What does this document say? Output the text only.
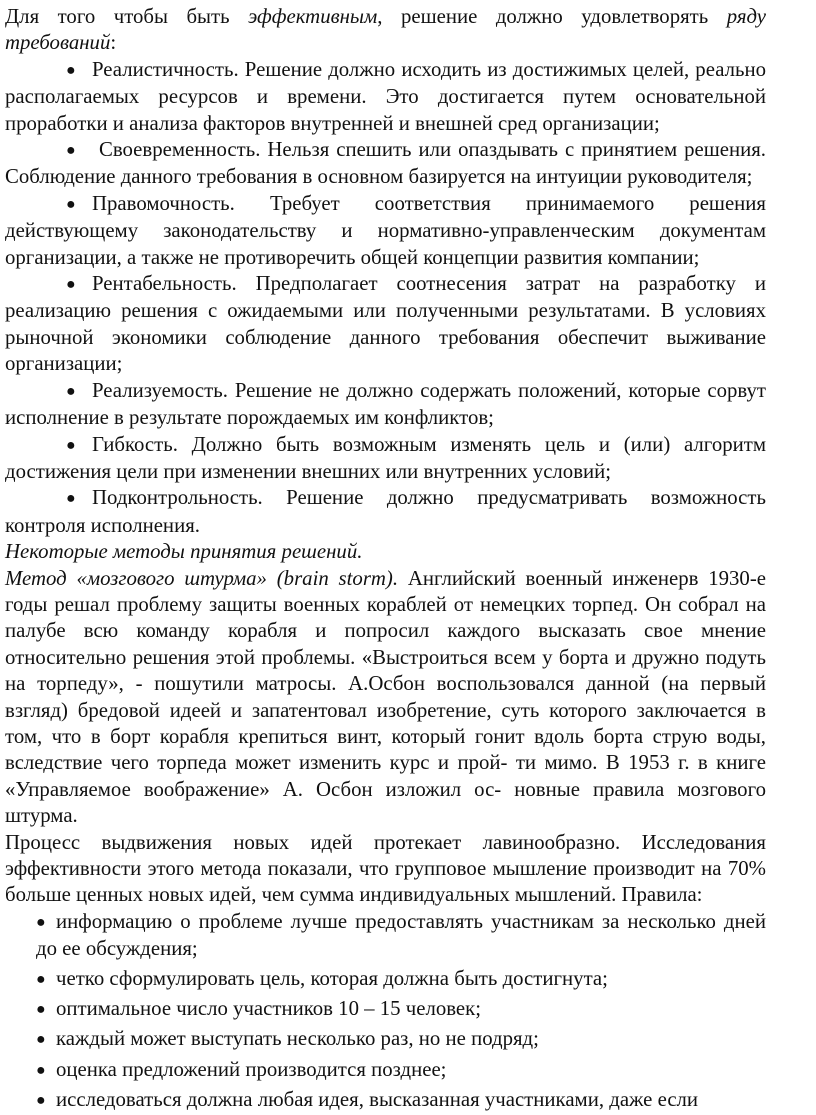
Для того чтобы быть эффективным, решение должно удовлетворять ряду требований:

● Реалистичность. Решение должно исходить из достижимых целей, реально располагаемых ресурсов и времени. Это достигается путем основательной проработки и анализа факторов внутренней и внешней сред организации;
● Своевременность. Нельзя спешить или опаздывать с принятием решения. Соблюдение данного требования в основном базируется на интуиции руководителя;
● Правомочность. Требует соответствия принимаемого решения действующему законодательству и нормативно-управленческим документам организации, а также не противоречить общей концепции развития компании;
● Рентабельность. Предполагает соотнесения затрат на разработку и реализацию решения с ожидаемыми или полученными результатами. В условиях рыночной экономики соблюдение данного требования обеспечит выживание организации;
● Реализуемость. Решение не должно содержать положений, которые сорвут исполнение в результате порождаемых им конфликтов;
● Гибкость. Должно быть возможным изменять цель и (или) алгоритм достижения цели при изменении внешних или внутренних условий;
● Подконтрольность. Решение должно предусматривать возможность контроля исполнения.

Некоторые методы принятия решений.

Метод «мозгового штурма» (brain storm). Английский военный инженерв 1930-е годы решал проблему защиты военных кораблей от немецких торпед. Он собрал на палубе всю команду корабля и попросил каждого высказать свое мнение относительно решения этой проблемы. «Выстроиться всем у борта и дружно подуть на торпеду», - пошутили матросы. А.Осбон воспользовался данной (на первый взгляд) бредовой идеей и запатентовал изобретение, суть которого заключается в том, что в борт корабля крепиться винт, который гонит вдоль борта струю воды, вследствие чего торпеда может изменить курс и прой- ти мимо. В 1953 г. в книге «Управляемое воображение» А. Осбон изложил ос- новные правила мозгового штурма.

Процесс выдвижения новых идей протекает лавинообразно. Исследования эффективности этого метода показали, что групповое мышление производит на 70% больше ценных новых идей, чем сумма индивидуальных мышлений. Правила:

● информацию о проблеме лучше предоставлять участникам за несколько дней до ее обсуждения;
● четко сформулировать цель, которая должна быть достигнута;
● оптимальное число участников 10 – 15 человек;
● каждый может выступать несколько раз, но не подряд;
● оценка предложений производится позднее;
● исследоваться должна любая идея, высказанная участниками, даже если
